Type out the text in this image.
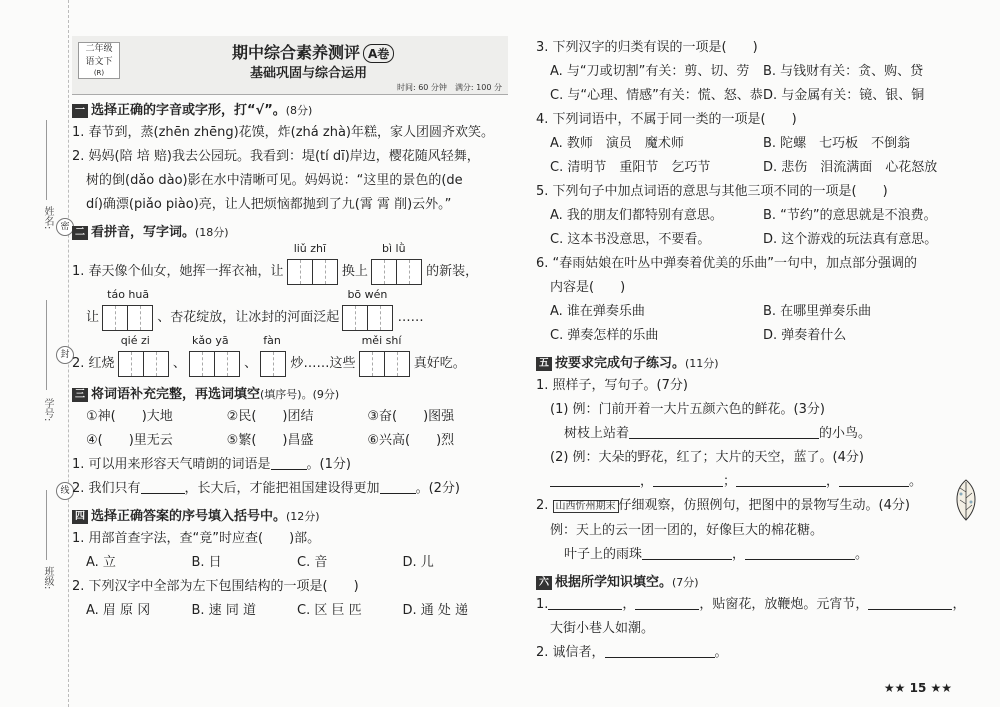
姓名:
学号:
班级:
密
封
线
二年级
语文下
(R)
期中综合素养测评 A卷
基础巩固与综合运用
时间: 60 分钟　 满分: 100 分
一 选择正确的字音或字形，打“√”。(8分)
1. 春节到，蒸(zhēn zhēng)花馍，炸(zhá zhà)年糕，家人团圆齐欢笑。
2. 妈妈(陪 培 赔)我去公园玩。我看到：堤(tí dī)岸边，樱花随风轻舞，
树的倒(dǎo dào)影在水中清晰可见。妈妈说：“这里的景色的(de
dí)确漂(piǎo piào)亮，让人把烦恼都抛到了九(霄 霄 削)云外。”
二 看拼音，写字词。(18分)
1. 春天像个仙女，她挥一挥衣袖，让
liǔ zhī
换上
bì lǜ
的新装，
让
táo huā
、杏花绽放，让冰封的河面泛起
bō wén
……
2. 红烧
qié zi
、
kǎo yā
、
fàn
炒……这些
měi shí
真好吃。
三 将词语补充完整，再选词填空(填序号)。(9分)
①神(　　)大地	②民(　　)团结	③奋(　　)图强
④(　　)里无云	⑤繁(　　)昌盛	⑥兴高(　　)烈
1. 可以用来形容天气晴朗的词语是	。(1分)
2. 我们只有	，长大后，才能把祖国建设得更加	。(2分)
四 选择正确答案的序号填入括号中。(12分)
1. 用部首查字法，查“竟”时应查(　　)部。
A. 立	B. 日	C. 音	D. 儿
2. 下列汉字中全部为左下包围结构的一项是(　　)
A. 眉 原 冈	B. 速 同 道	C. 区 巨 匹	D. 通 处 递
3. 下列汉字的归类有误的一项是(　　)
A. 与“刀或切割”有关：剪、切、劳	B. 与钱财有关：贪、购、贷
C. 与“心理、情感”有关：慌、怒、恭 D. 与金属有关：镜、银、铜
4. 下列词语中，不属于同一类的一项是(　　)
A. 教师　演员　魔术师	B. 陀螺　七巧板　不倒翁
C. 清明节　重阳节　乞巧节	D. 悲伤　泪流满面　心花怒放
5. 下列句子中加点词语的意思与其他三项不同的一项是(　　)
A. 我的朋友们都特别有意思。	B. “节约”的意思就是不浪费。
C. 这本书没意思，不要看。	D. 这个游戏的玩法真有意思。
6. “春雨姑娘在叶丛中弹奏着优美的乐曲”一句中，加点部分强调的
内容是(　　)
A. 谁在弹奏乐曲	B. 在哪里弹奏乐曲
C. 弹奏怎样的乐曲	D. 弹奏着什么
五 按要求完成句子练习。(11分)
1. 照样子，写句子。(7分)
(1) 例：门前开着一大片五颜六色的鲜花。(3分)
树枝上站着	的小鸟。
(2) 例：大朵的野花，红了；大片的天空，蓝了。(4分)
，	；	，	。
2. 山西忻州期末 仔细观察，仿照例句，把图中的景物写生动。(4分)
例：天上的云一团一团的，好像巨大的棉花糖。
叶子上的雨珠	，	。
六 根据所学知识填空。(7分)
1.	，	，贴窗花，放鞭炮。元宵节，	，
大街小巷人如潮。
2. 诚信者，	。
★★ 15 ★★
